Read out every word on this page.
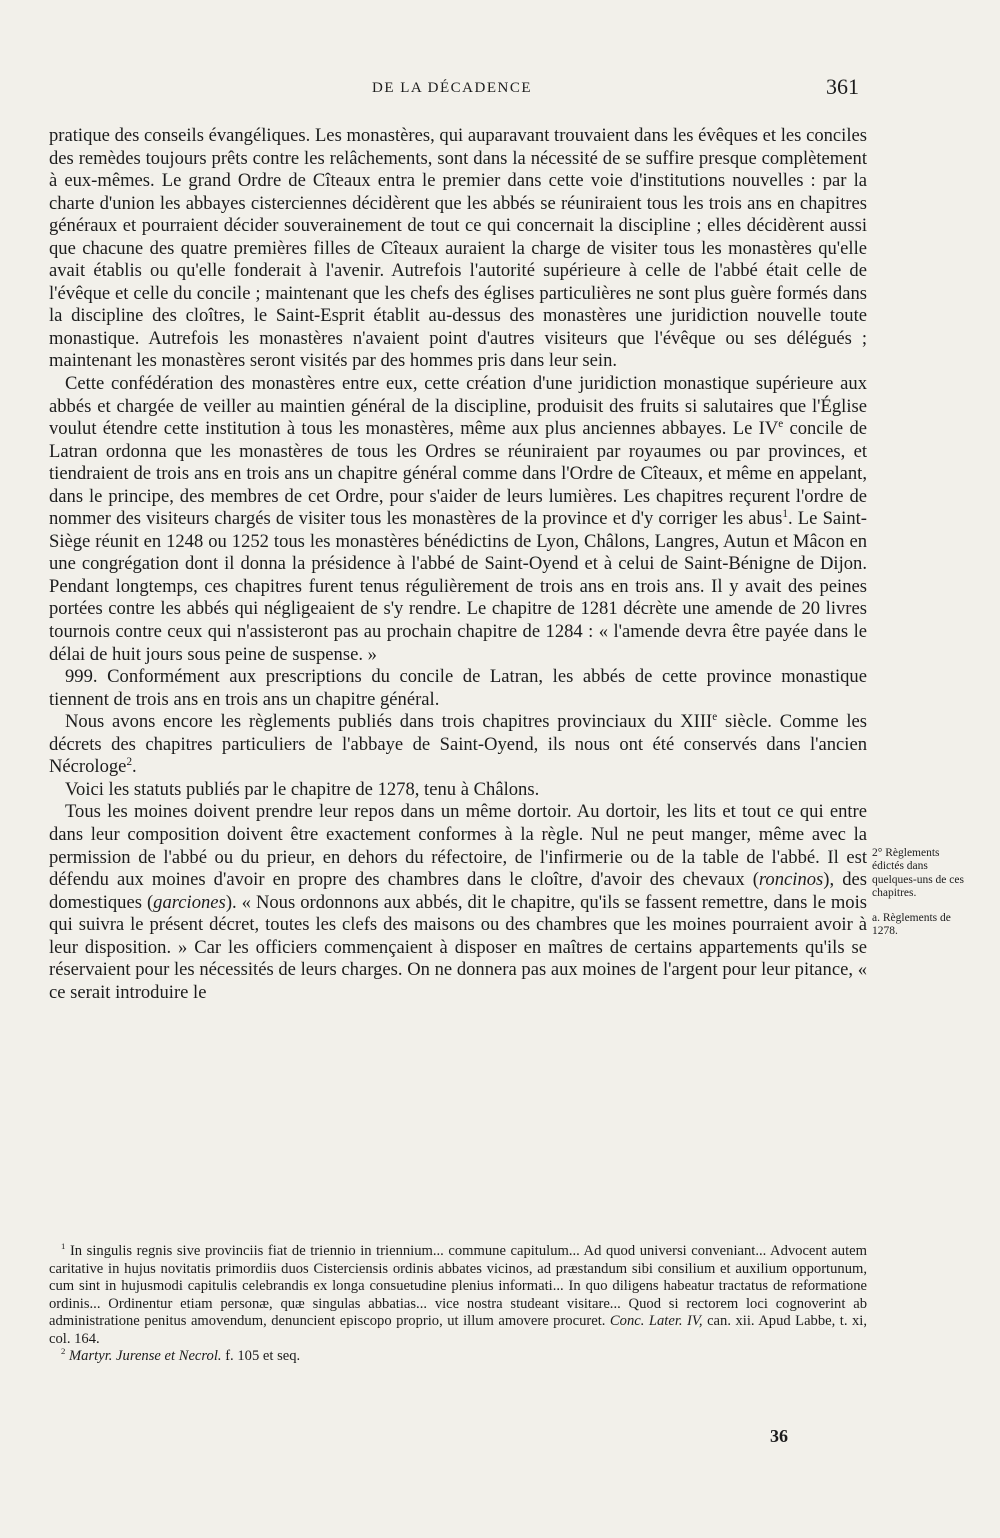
DE LA DÉCADENCE	361

pratique des conseils évangéliques. Les monastères, qui auparavant trouvaient dans les évêques et les conciles des remèdes toujours prêts contre les relâchements, sont dans la nécessité de se suffire presque complètement à eux-mêmes. Le grand Ordre de Cîteaux entra le premier dans cette voie d'institutions nouvelles : par la charte d'union les abbayes cisterciennes décidèrent que les abbés se réuniraient tous les trois ans en chapitres généraux et pourraient décider souverainement de tout ce qui concernait la discipline ; elles décidèrent aussi que chacune des quatre premières filles de Cîteaux auraient la charge de visiter tous les monastères qu'elle avait établis ou qu'elle fonderait à l'avenir. Autrefois l'autorité supérieure à celle de l'abbé était celle de l'évêque et celle du concile ; maintenant que les chefs des églises particulières ne sont plus guère formés dans la discipline des cloîtres, le Saint-Esprit établit au-dessus des monastères une juridiction nouvelle toute monastique. Autrefois les monastères n'avaient point d'autres visiteurs que l'évêque ou ses délégués ; maintenant les monastères seront visités par des hommes pris dans leur sein.

Cette confédération des monastères entre eux, cette création d'une juridiction monastique supérieure aux abbés et chargée de veiller au maintien général de la discipline, produisit des fruits si salutaires que l'Église voulut étendre cette institution à tous les monastères, même aux plus anciennes abbayes. Le IVe concile de Latran ordonna que les monastères de tous les Ordres se réuniraient par royaumes ou par provinces, et tiendraient de trois ans en trois ans un chapitre général comme dans l'Ordre de Cîteaux, et même en appelant, dans le principe, des membres de cet Ordre, pour s'aider de leurs lumières. Les chapitres reçurent l'ordre de nommer des visiteurs chargés de visiter tous les monastères de la province et d'y corriger les abus$^1$. Le Saint-Siège réunit en 1248 ou 1252 tous les monastères bénédictins de Lyon, Châlons, Langres, Autun et Mâcon en une congrégation dont il donna la présidence à l'abbé de Saint-Oyend et à celui de Saint-Bénigne de Dijon. Pendant longtemps, ces chapitres furent tenus régulièrement de trois ans en trois ans. Il y avait des peines portées contre les abbés qui négligeaient de s'y rendre. Le chapitre de 1281 décrète une amende de 20 livres tournois contre ceux qui n'assisteront pas au prochain chapitre de 1284 : « l'amende devra être payée dans le délai de huit jours sous peine de suspense. »

999. Conformément aux prescriptions du concile de Latran, les abbés de cette province monastique tiennent de trois ans en trois ans un chapitre général.

Nous avons encore les règlements publiés dans trois chapitres provinciaux du XIIIe siècle. Comme les décrets des chapitres particuliers de l'abbaye de Saint-Oyend, ils nous ont été conservés dans l'ancien Nécrologe$^2$.

Voici les statuts publiés par le chapitre de 1278, tenu à Châlons.

Tous les moines doivent prendre leur repos dans un même dortoir. Au dortoir, les lits et tout ce qui entre dans leur composition doivent être exactement conformes à la règle. Nul ne peut manger, même avec la permission de l'abbé ou du prieur, en dehors du réfectoire, de l'infirmerie ou de la table de l'abbé. Il est défendu aux moines d'avoir en propre des chambres dans le cloître, d'avoir des chevaux (roncinos), des domestiques (garciones). « Nous ordonnons aux abbés, dit le chapitre, qu'ils se fassent remettre, dans le mois qui suivra le présent décret, toutes les clefs des maisons ou des chambres que les moines pourraient avoir à leur disposition. » Car les officiers commençaient à disposer en maîtres de certains appartements qu'ils se réservaient pour les nécessités de leurs charges. On ne donnera pas aux moines de l'argent pour leur pitance, « ce serait introduire le

2° Règlements édictés dans quelques-uns de ces chapitres.

a. Règlements de 1278.

$^1$ In singulis regnis sive provinciis fiat de triennio in triennium... commune capitulum... Ad quod universi conveniant... Advocent autem caritative in hujus novitatis primordiis duos Cisterciensis ordinis abbates vicinos, ad præstandum sibi consilium et auxilium opportunum, cum sint in hujusmodi capitulis celebrandis ex longa consuetudine plenius informati... In quo diligens habeatur tractatus de reformatione ordinis... Ordinentur etiam personæ, quæ singulas abbatias... vice nostra studeant visitare... Quod si rectorem loci cognoverint ab administratione penitus amovendum, denuncient episcopo proprio, ut illum amovere procuret. Conc. Later. IV, can. xii. Apud Labbe, t. xi, col. 164.

$^2$ Martyr. Jurense et Necrol. f. 105 et seq.

36
